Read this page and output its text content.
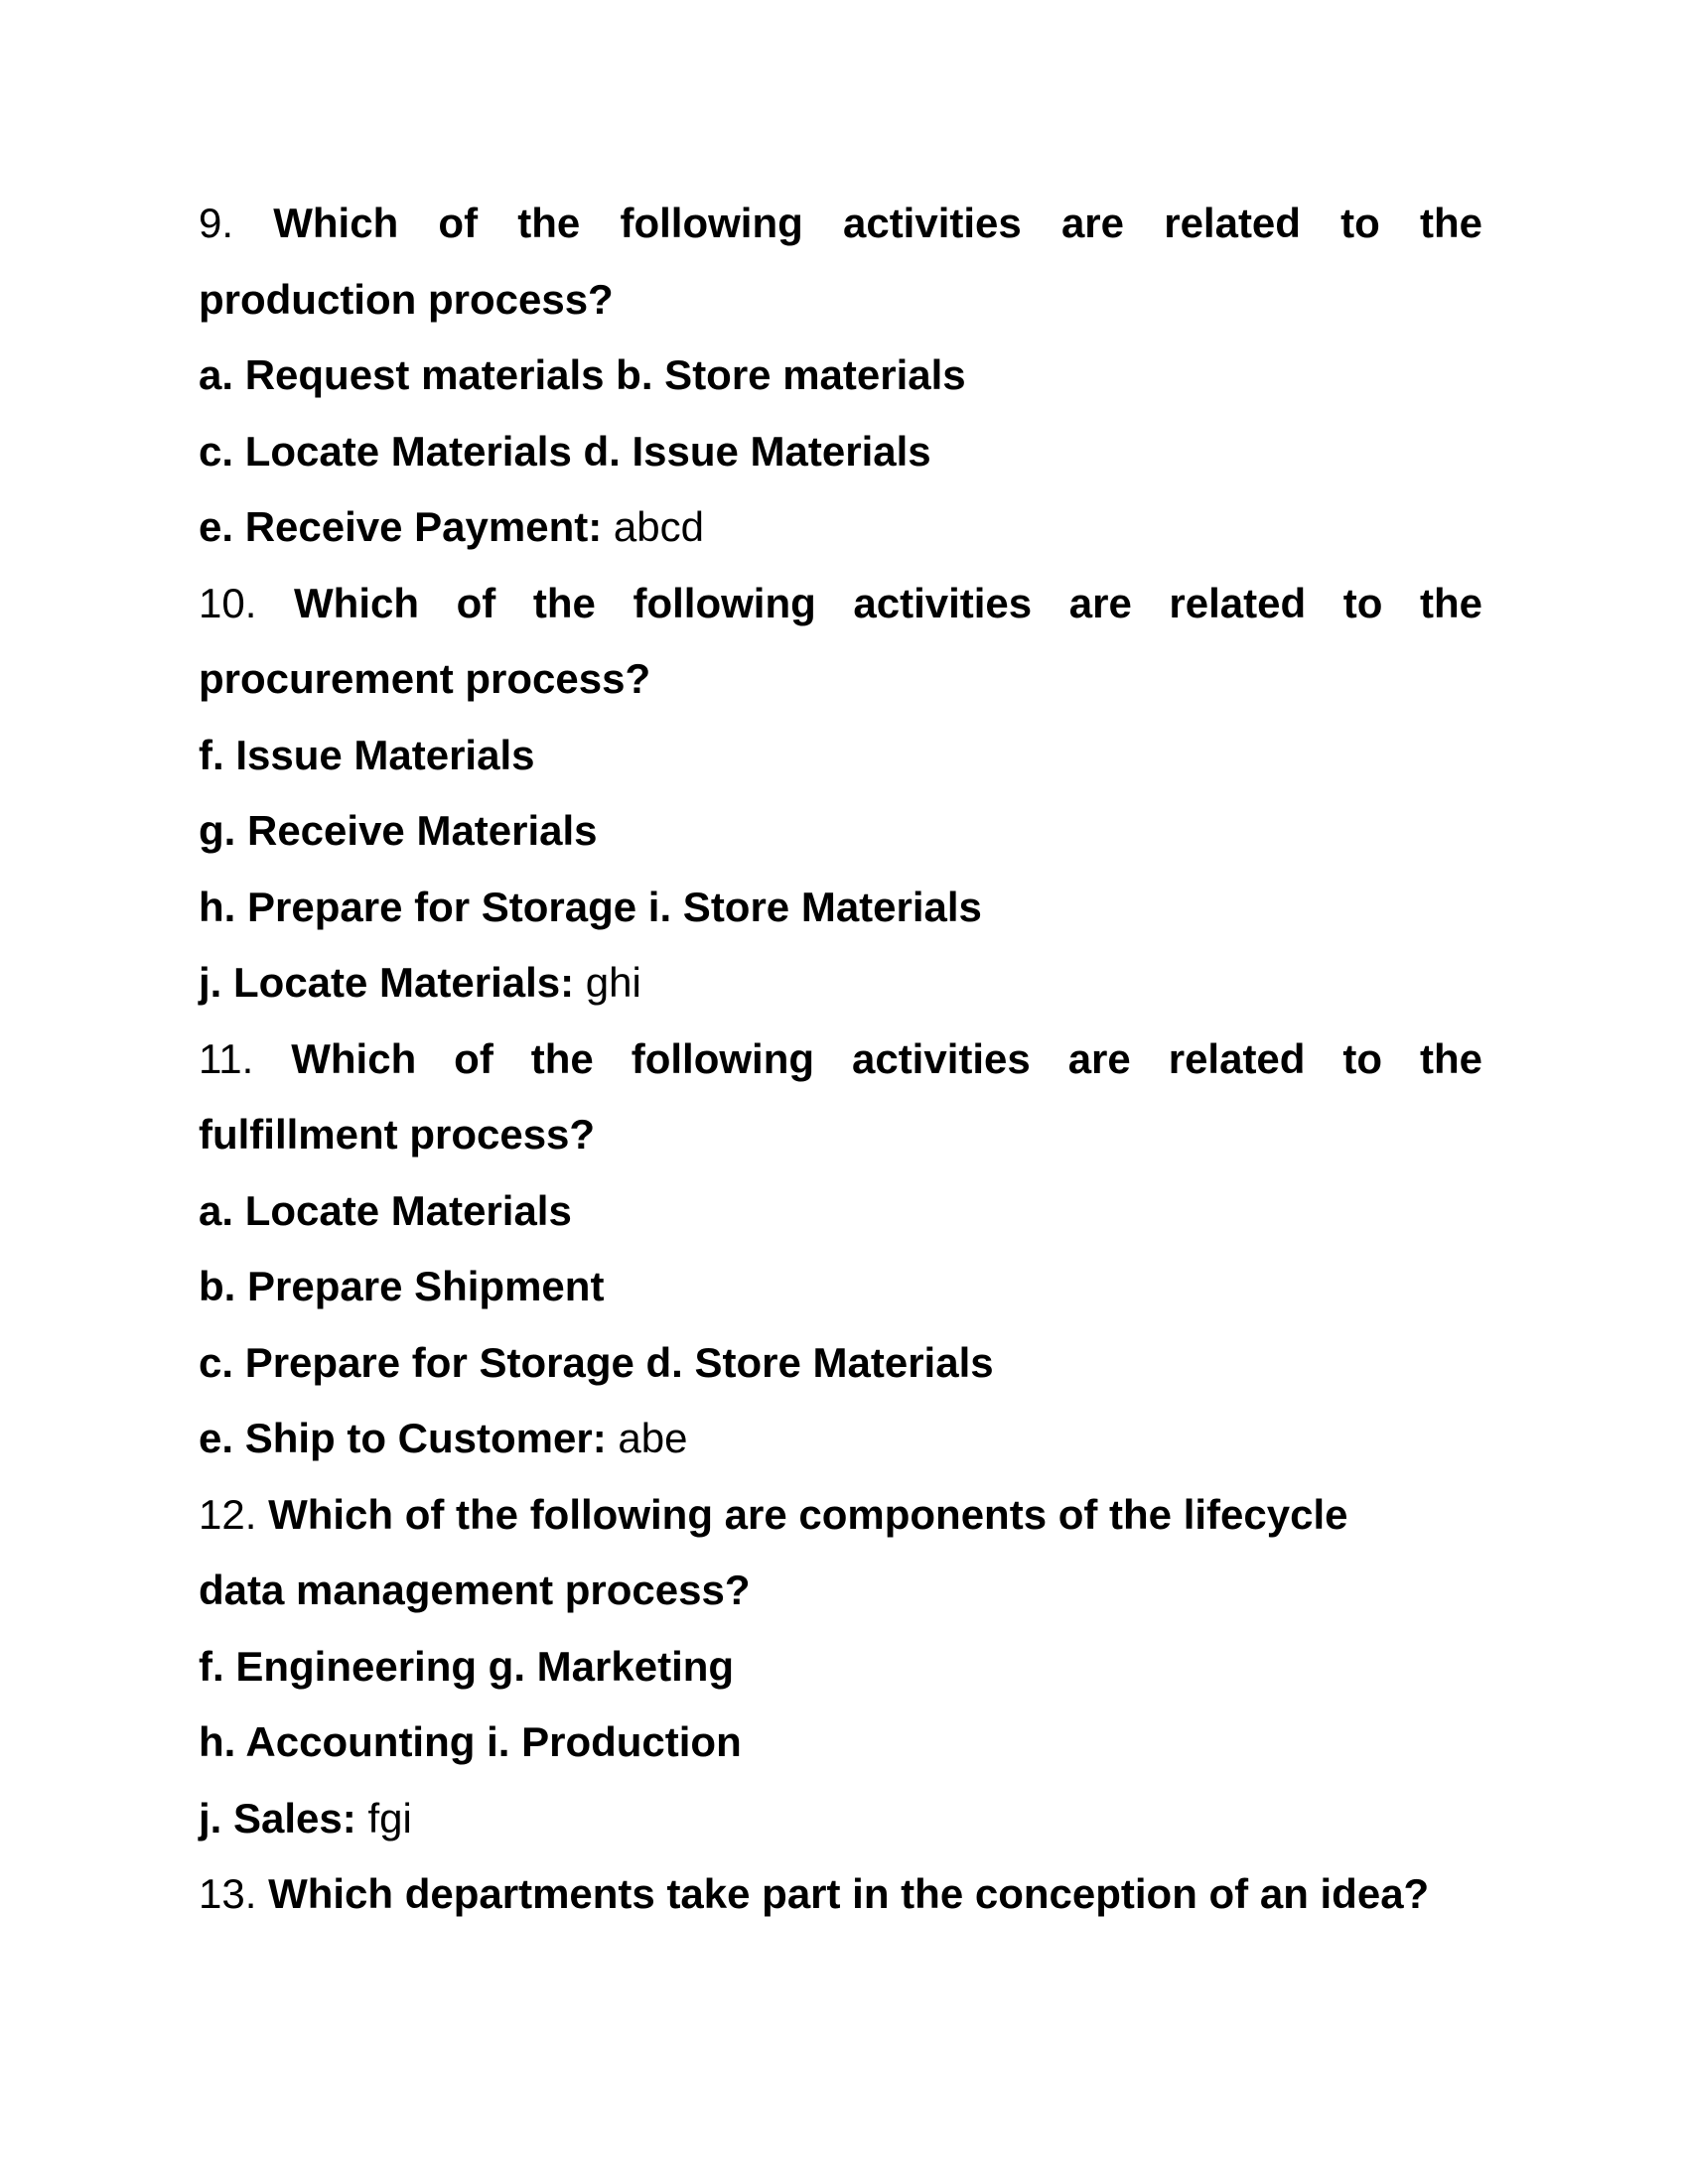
9. Which of the following activities are related to the
production process?
a. Request materials b. Store materials
c. Locate Materials d. Issue Materials
e. Receive Payment: abcd
10. Which of the following activities are related to the
procurement process?
f. Issue Materials
g. Receive Materials
h. Prepare for Storage i. Store Materials
j. Locate Materials: ghi
11. Which of the following activities are related to the
fulfillment process?
a. Locate Materials
b. Prepare Shipment
c. Prepare for Storage d. Store Materials
e. Ship to Customer: abe
12. Which of the following are components of the lifecycle
data management process?
f. Engineering g. Marketing
h. Accounting i. Production
j. Sales: fgi
13. Which departments take part in the conception of an idea?
